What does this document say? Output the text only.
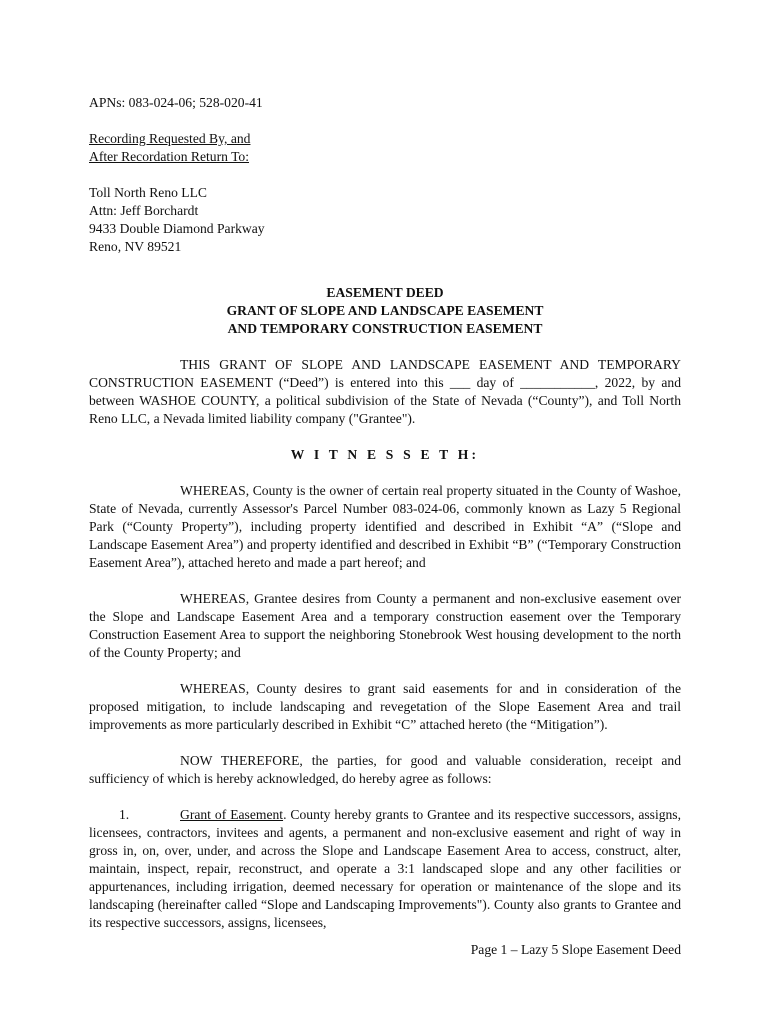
APNs: 083-024-06; 528-020-41
Recording Requested By, and
After Recordation Return To:
Toll North Reno LLC
Attn: Jeff Borchardt
9433 Double Diamond Parkway
Reno, NV 89521
EASEMENT DEED
GRANT OF SLOPE AND LANDSCAPE EASEMENT
AND TEMPORARY CONSTRUCTION EASEMENT

THIS GRANT OF SLOPE AND LANDSCAPE EASEMENT AND TEMPORARY CONSTRUCTION EASEMENT (“Deed”) is entered into this ___ day of ___________, 2022, by and between WASHOE COUNTY, a political subdivision of the State of Nevada (“County”), and Toll North Reno LLC, a Nevada limited liability company ("Grantee").

W I T N E S S E T H:

WHEREAS, County is the owner of certain real property situated in the County of Washoe, State of Nevada, currently Assessor's Parcel Number 083-024-06, commonly known as Lazy 5 Regional Park (“County Property”), including property identified and described in Exhibit “A” (“Slope and Landscape Easement Area”) and property identified and described in Exhibit “B” (“Temporary Construction Easement Area”), attached hereto and made a part hereof; and

WHEREAS, Grantee desires from County a permanent and non-exclusive easement over the Slope and Landscape Easement Area and a temporary construction easement over the Temporary Construction Easement Area to support the neighboring Stonebrook West housing development to the north of the County Property; and

WHEREAS, County desires to grant said easements for and in consideration of the proposed mitigation, to include landscaping and revegetation of the Slope Easement Area and trail improvements as more particularly described in Exhibit “C” attached hereto (the “Mitigation”).

NOW THEREFORE, the parties, for good and valuable consideration, receipt and sufficiency of which is hereby acknowledged, do hereby agree as follows:

1.	Grant of Easement. County hereby grants to Grantee and its respective successors, assigns, licensees, contractors, invitees and agents, a permanent and non-exclusive easement and right of way in gross in, on, over, under, and across the Slope and Landscape Easement Area to access, construct, alter, maintain, inspect, repair, reconstruct, and operate a 3:1 landscaped slope and any other facilities or appurtenances, including irrigation, deemed necessary for operation or maintenance of the slope and its landscaping (hereinafter called “Slope and Landscaping Improvements"). County also grants to Grantee and its respective successors, assigns, licensees,

Page 1 – Lazy 5 Slope Easement Deed
